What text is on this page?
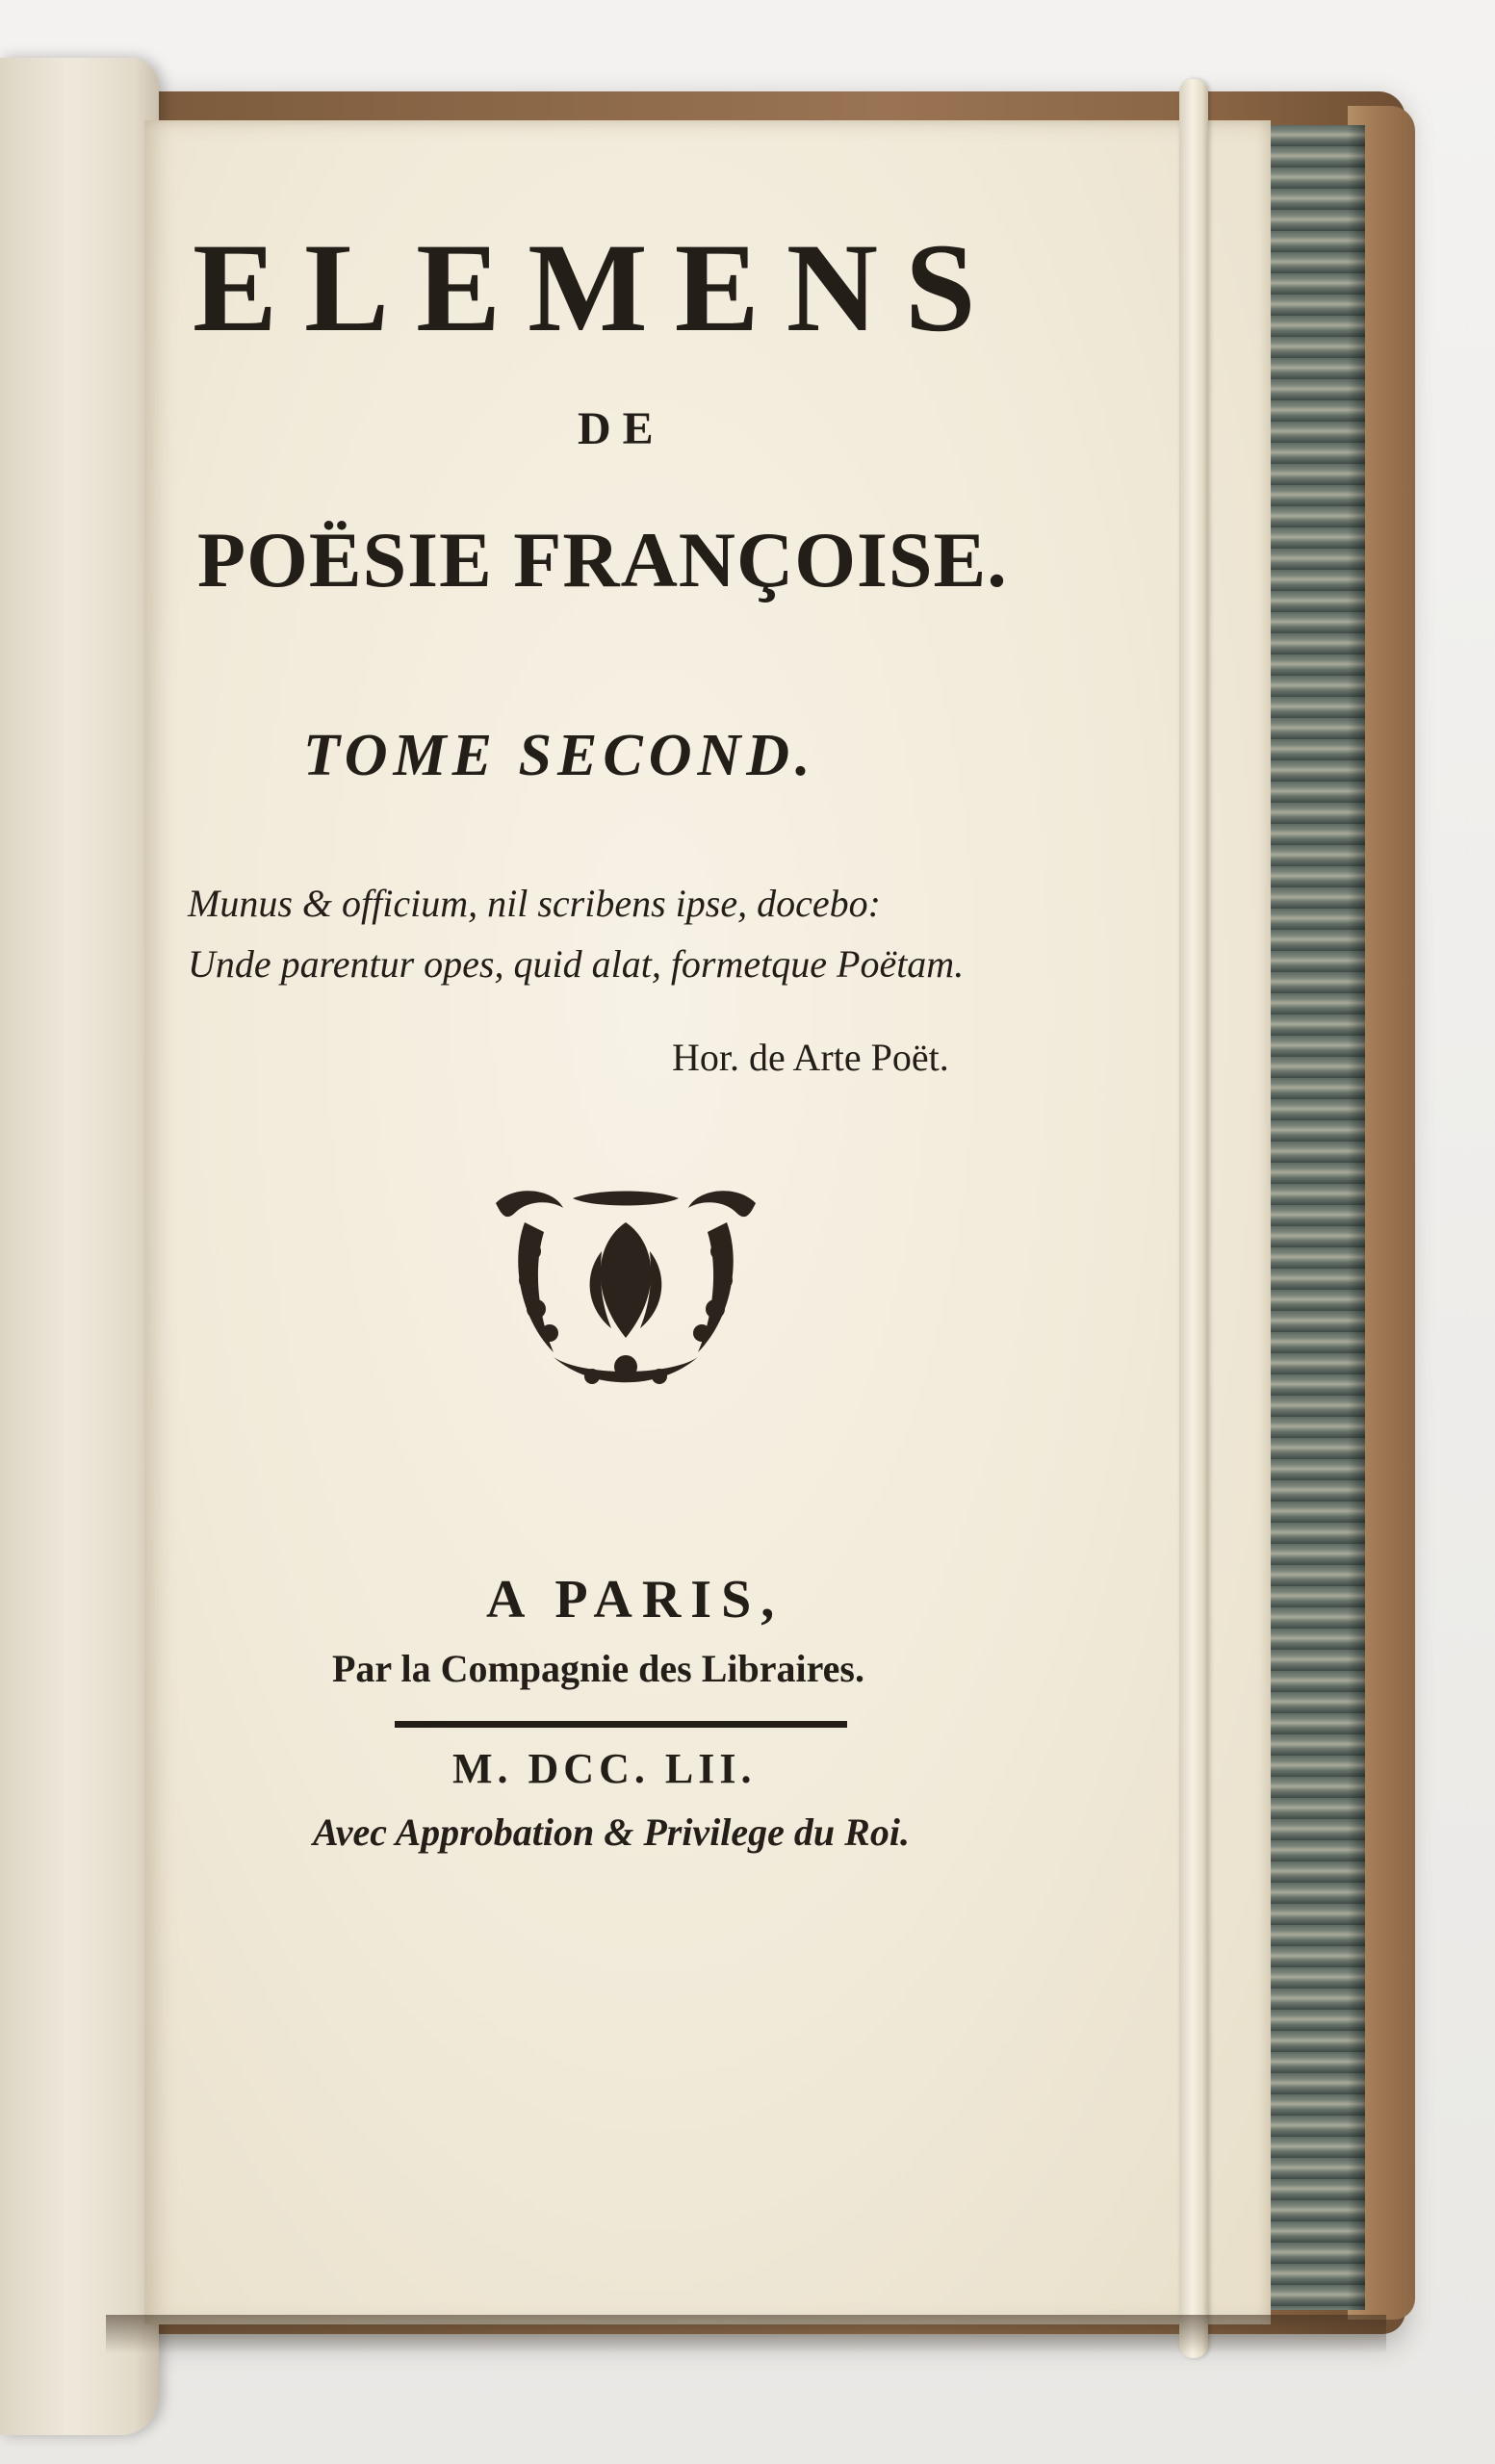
ELEMENS
DE
POËSIE FRANÇOISE.
TOME SECOND.
Munus & officium, nil scribens ipse, docebo:
Unde parentur opes, quid alat, formetque Poëtam.
Hor. de Arte Poët.
A PARIS,
Par la Compagnie des Libraires.
M. DCC. LII.
Avec Approbation & Privilege du Roi.
